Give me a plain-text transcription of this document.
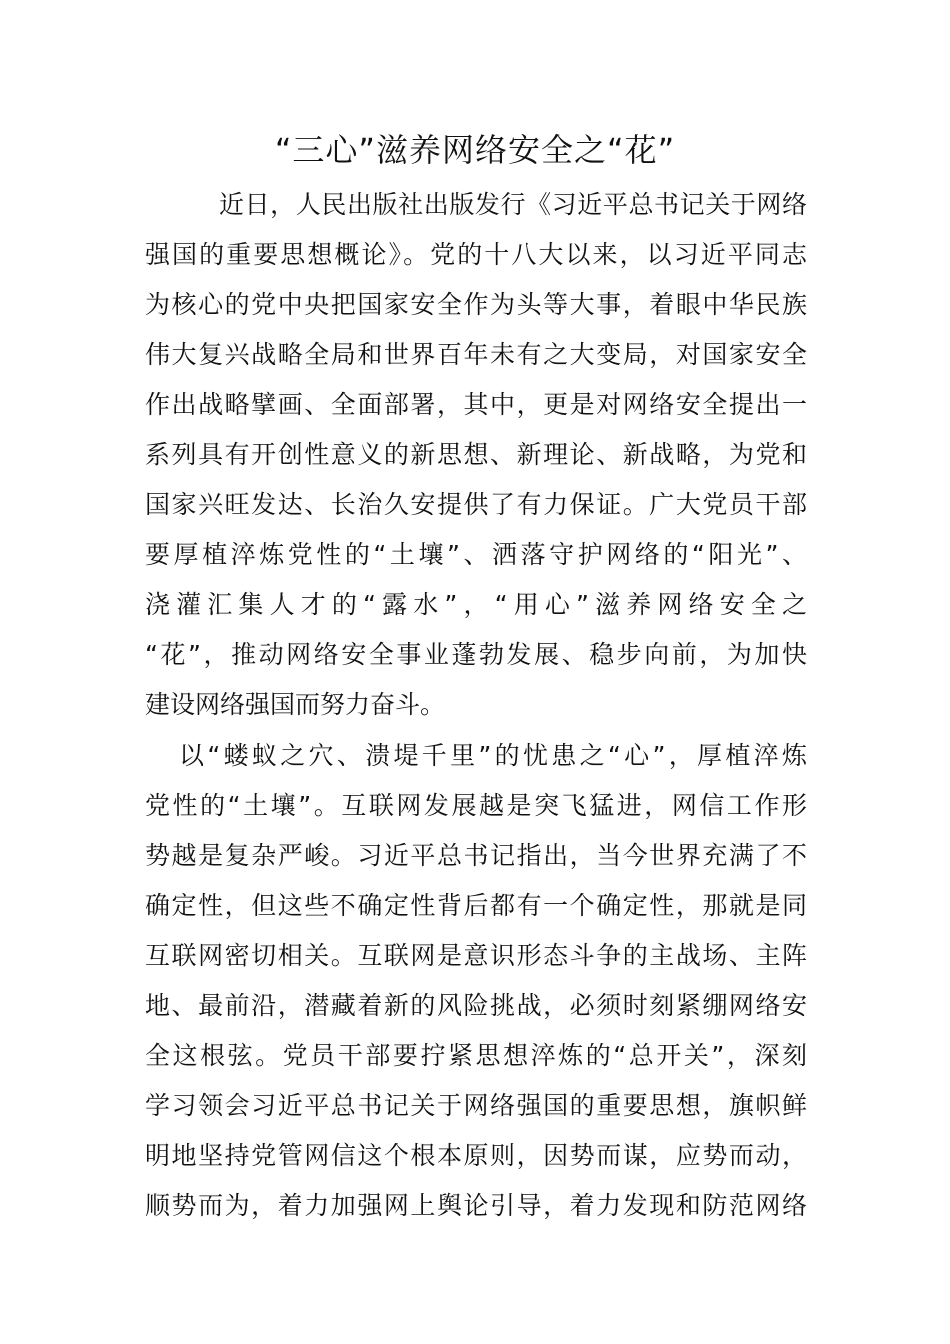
“三心”滋养网络安全之“花”
近日，人民出版社出版发行《习近平总书记关于网络
强国的重要思想概论》。党的十八大以来，以习近平同志
为核心的党中央把国家安全作为头等大事，着眼中华民族
伟大复兴战略全局和世界百年未有之大变局，对国家安全
作出战略擘画、全面部署，其中，更是对网络安全提出一
系列具有开创性意义的新思想、新理论、新战略，为党和
国家兴旺发达、长治久安提供了有力保证。广大党员干部
要厚植淬炼党性的“土壤”、洒落守护网络的“阳光”、
浇灌汇集人才的“露水”，“用心”滋养网络安全之
“花”，推动网络安全事业蓬勃发展、稳步向前，为加快
建设网络强国而努力奋斗。
以“蝼蚁之穴、溃堤千里”的忧患之“心”，厚植淬炼
党性的“土壤”。互联网发展越是突飞猛进，网信工作形
势越是复杂严峻。习近平总书记指出，当今世界充满了不
确定性，但这些不确定性背后都有一个确定性，那就是同
互联网密切相关。互联网是意识形态斗争的主战场、主阵
地、最前沿，潜藏着新的风险挑战，必须时刻紧绷网络安
全这根弦。党员干部要拧紧思想淬炼的“总开关”，深刻
学习领会习近平总书记关于网络强国的重要思想，旗帜鲜
明地坚持党管网信这个根本原则，因势而谋，应势而动，
顺势而为，着力加强网上舆论引导，着力发现和防范网络
